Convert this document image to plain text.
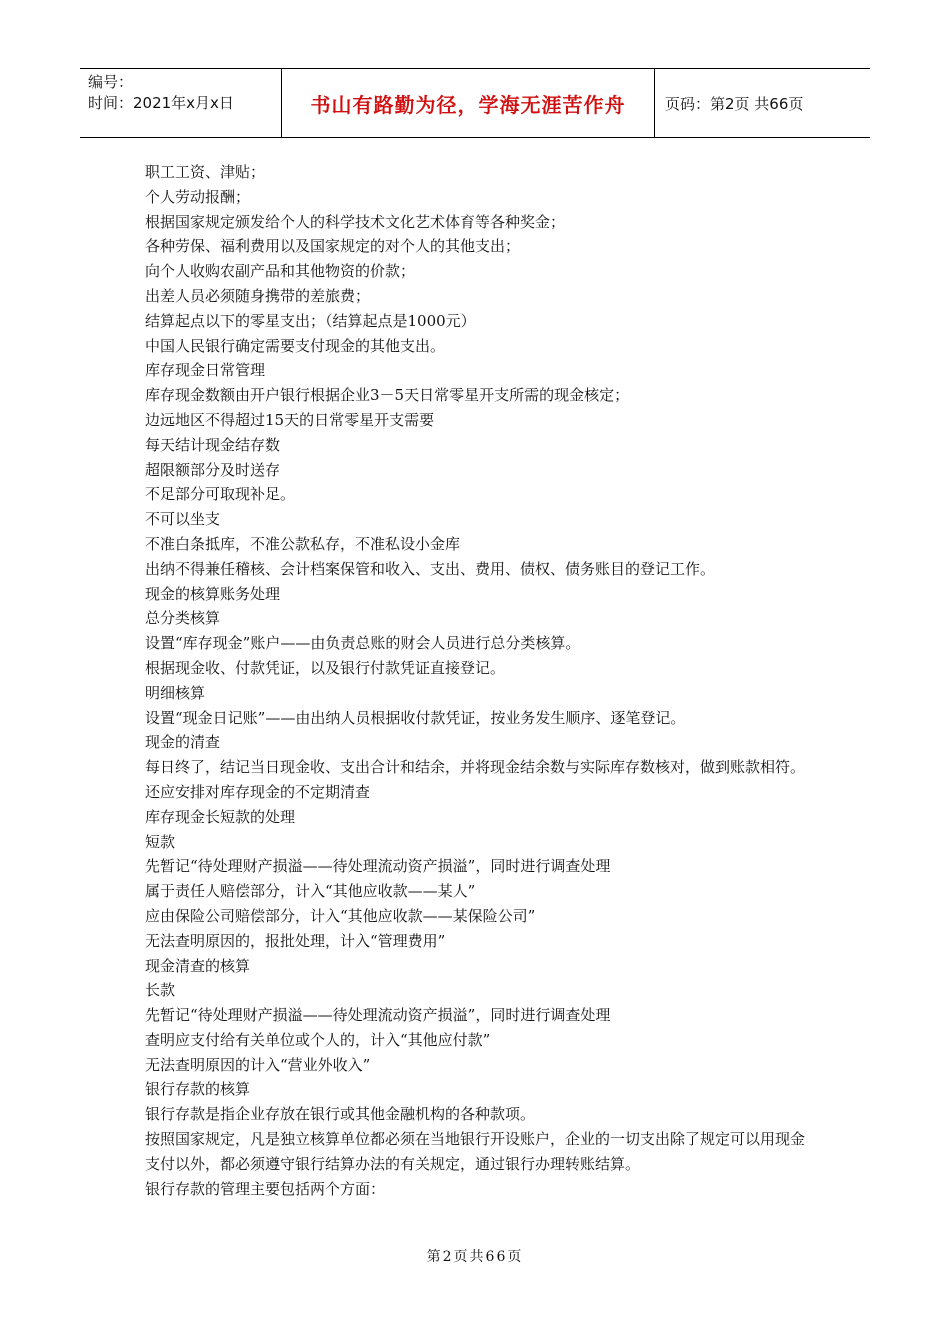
编号：
时间：2021年x月x日	书山有路勤为径，学海无涯苦作舟	页码：第2页 共66页
职工工资、津贴；
个人劳动报酬；
根据国家规定颁发给个人的科学技术文化艺术体育等各种奖金；
各种劳保、福利费用以及国家规定的对个人的其他支出；
向个人收购农副产品和其他物资的价款；
出差人员必须随身携带的差旅费；
结算起点以下的零星支出；（结算起点是1000元）
中国人民银行确定需要支付现金的其他支出。
库存现金日常管理
库存现金数额由开户银行根据企业3－5天日常零星开支所需的现金核定；
边远地区不得超过15天的日常零星开支需要
每天结计现金结存数
超限额部分及时送存
不足部分可取现补足。
不可以坐支
不准白条抵库，不准公款私存，不准私设小金库
出纳不得兼任稽核、会计档案保管和收入、支出、费用、债权、债务账目的登记工作。
现金的核算账务处理
总分类核算
设置“库存现金”账户——由负责总账的财会人员进行总分类核算。
根据现金收、付款凭证，以及银行付款凭证直接登记。
明细核算
设置“现金日记账”——由出纳人员根据收付款凭证，按业务发生顺序、逐笔登记。
现金的清查
每日终了，结记当日现金收、支出合计和结余，并将现金结余数与实际库存数核对，做到账款相符。
还应安排对库存现金的不定期清查
库存现金长短款的处理
短款
先暂记“待处理财产损溢——待处理流动资产损溢”，同时进行调查处理
属于责任人赔偿部分，计入“其他应收款——某人”
应由保险公司赔偿部分，计入“其他应收款——某保险公司”
无法查明原因的，报批处理，计入“管理费用”
现金清查的核算
长款
先暂记“待处理财产损溢——待处理流动资产损溢”，同时进行调查处理
查明应支付给有关单位或个人的，计入“其他应付款”
无法查明原因的计入“营业外收入”
银行存款的核算
银行存款是指企业存放在银行或其他金融机构的各种款项。
按照国家规定，凡是独立核算单位都必须在当地银行开设账户，企业的一切支出除了规定可以用现金支付以外，都必须遵守银行结算办法的有关规定，通过银行办理转账结算。
银行存款的管理主要包括两个方面：
第2页共66页
